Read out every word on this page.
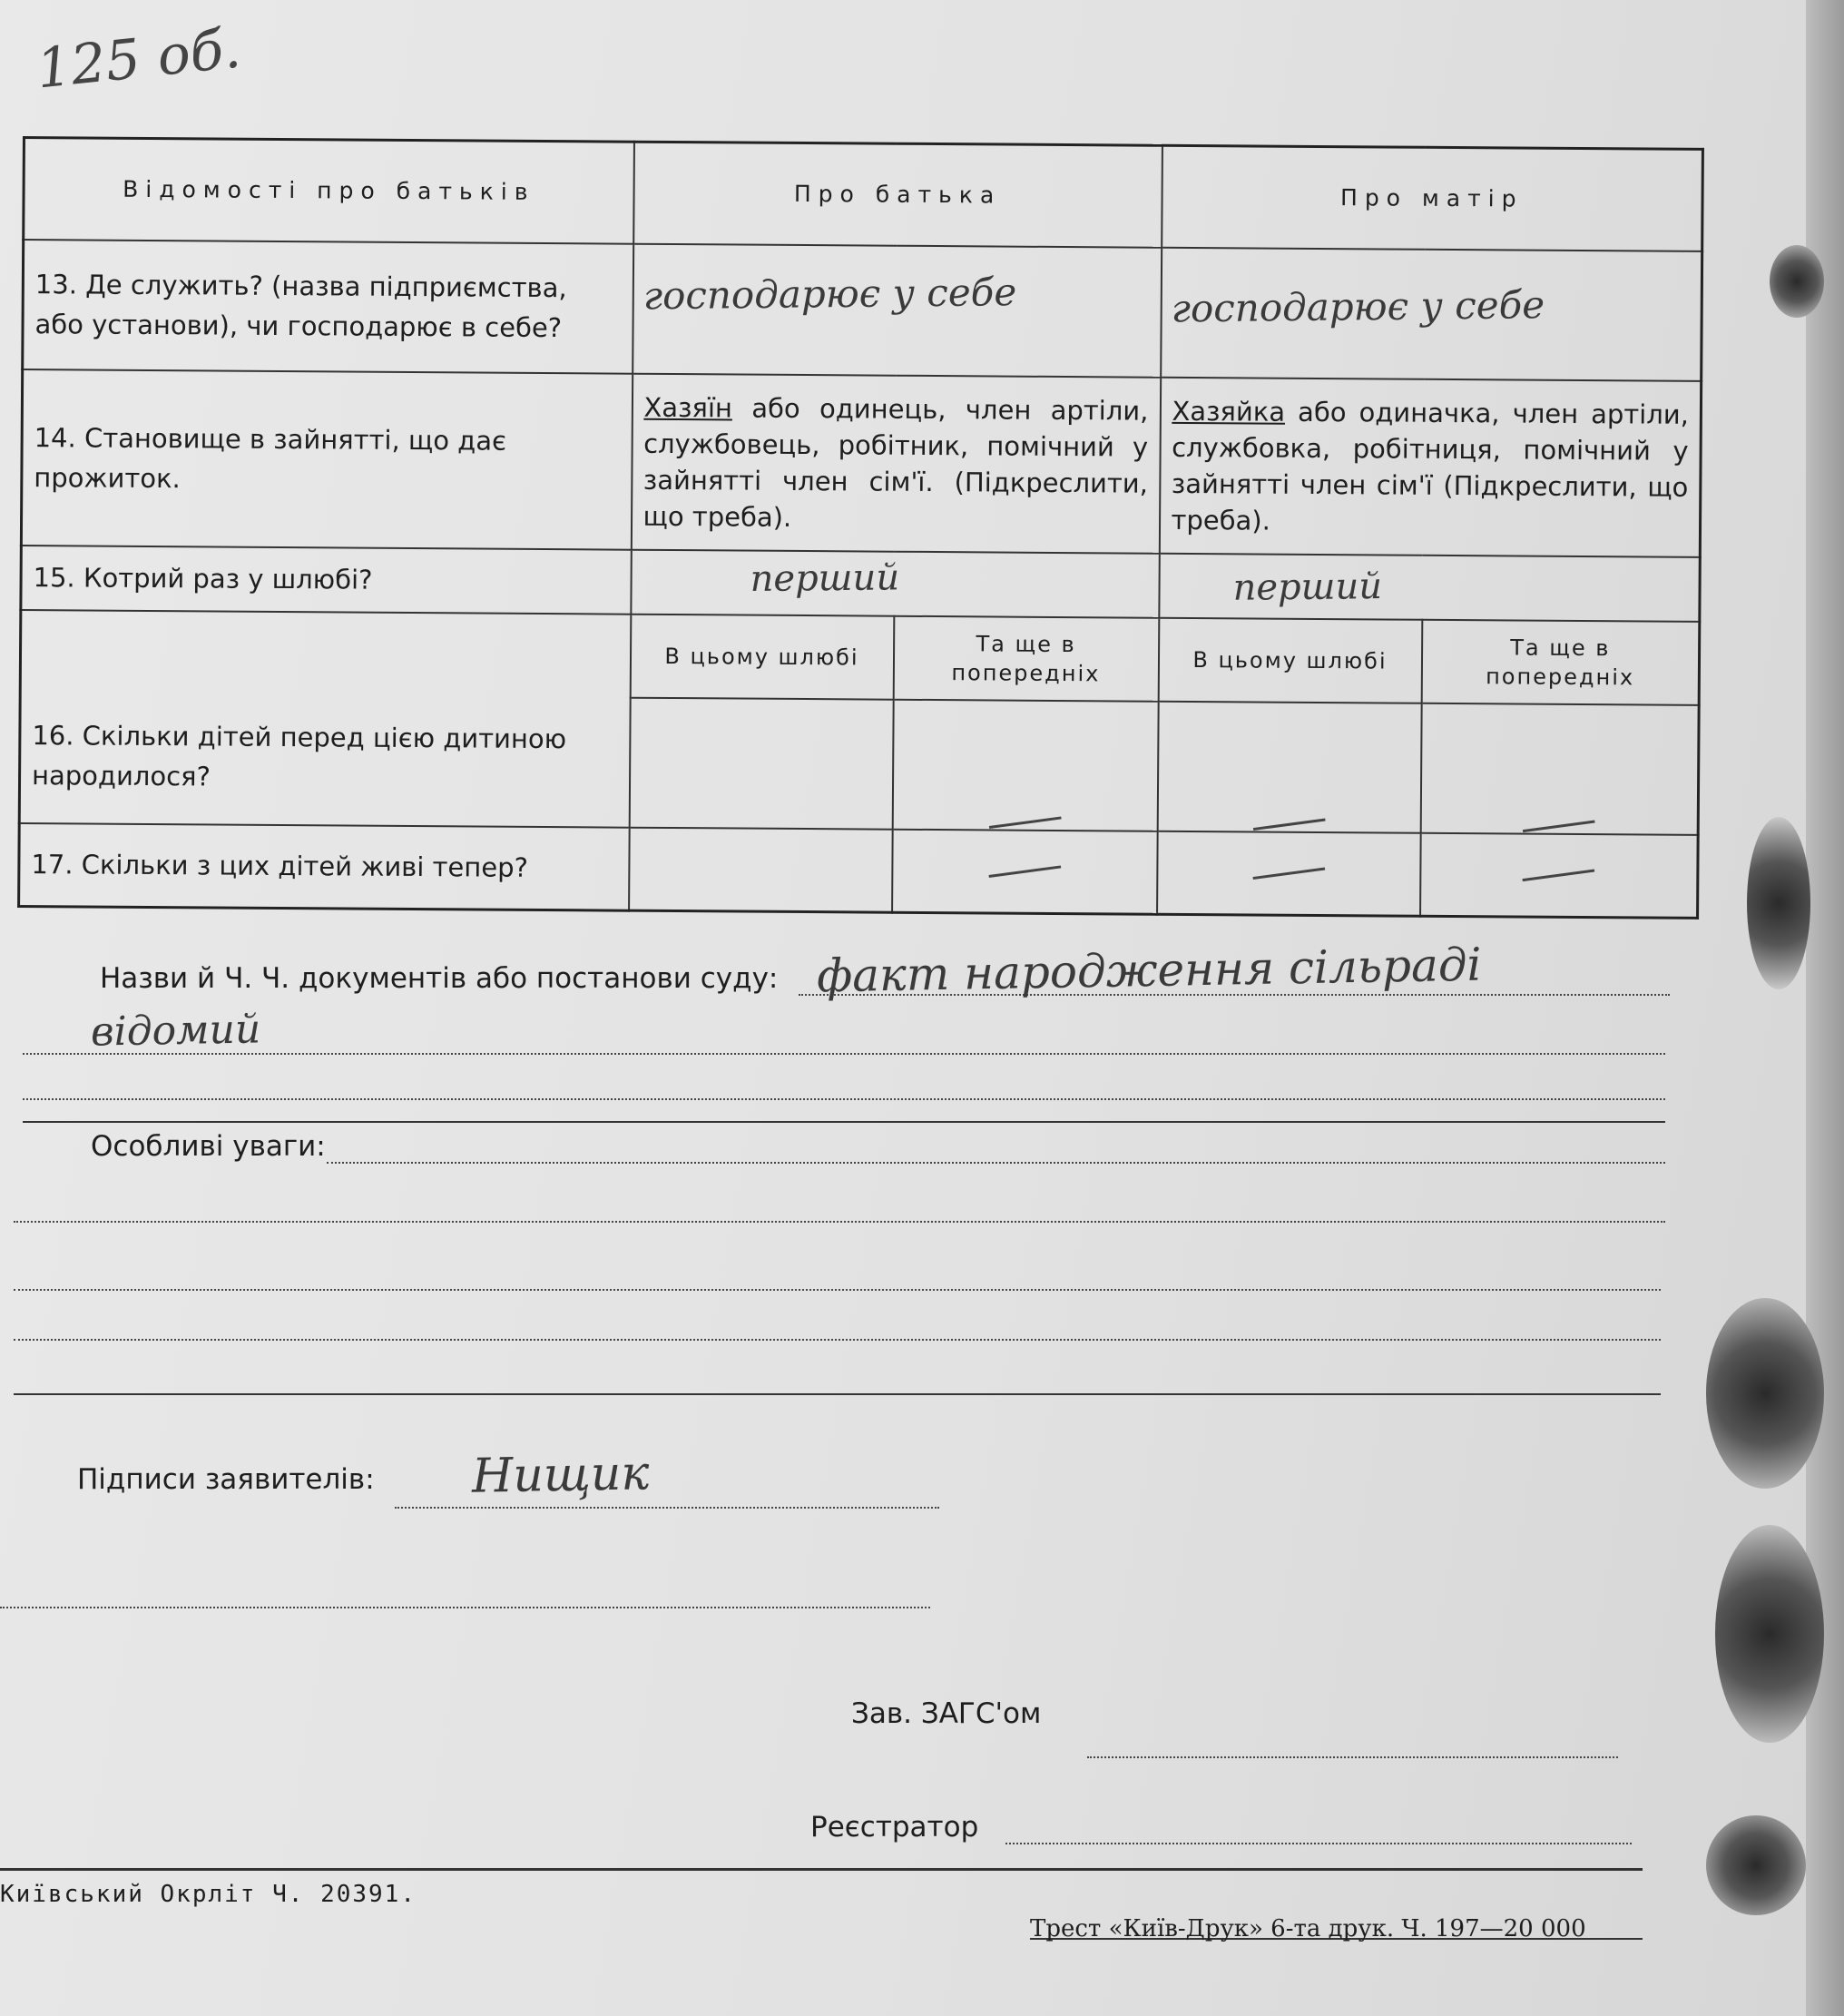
125 об.
Відомості про батьків	Про батька		Про матір	
13. Де служить? (назва підприємства, або установи), чи господарює в себе?	господарює у себе		господарює у себе	

14. Становище в зайнятті, що дає прожиток.	Хазяїн або одинець, член артіли, службовець, робітник, помічний у зайнятті член сім'ї. (Підкреслити, що треба).		Хазяйка або одиначка, член артіли, службовка, робітниця, помічний у зайнятті член сім'ї (Підкреслити, що треба).	
15. Котрий раз у шлюбі?	перший		перший	

16. Скільки дітей перед цією дитиною народилося?	В цьому шлюбі	Та ще в попередніх	В цьому шлюбі	Та ще в попередніх

17. Скільки з цих дітей живі тепер?		

Назви й Ч. Ч. документів або постанови суду: факт народження сільраді
відомий
Особливі уваги:
Підписи заявителів: Нищик
Зав. ЗАГС'ом
Реєстратор
Київський Окрліт Ч. 20391.
Трест «Київ-Друк» 6-та друк. Ч. 197—20 000
